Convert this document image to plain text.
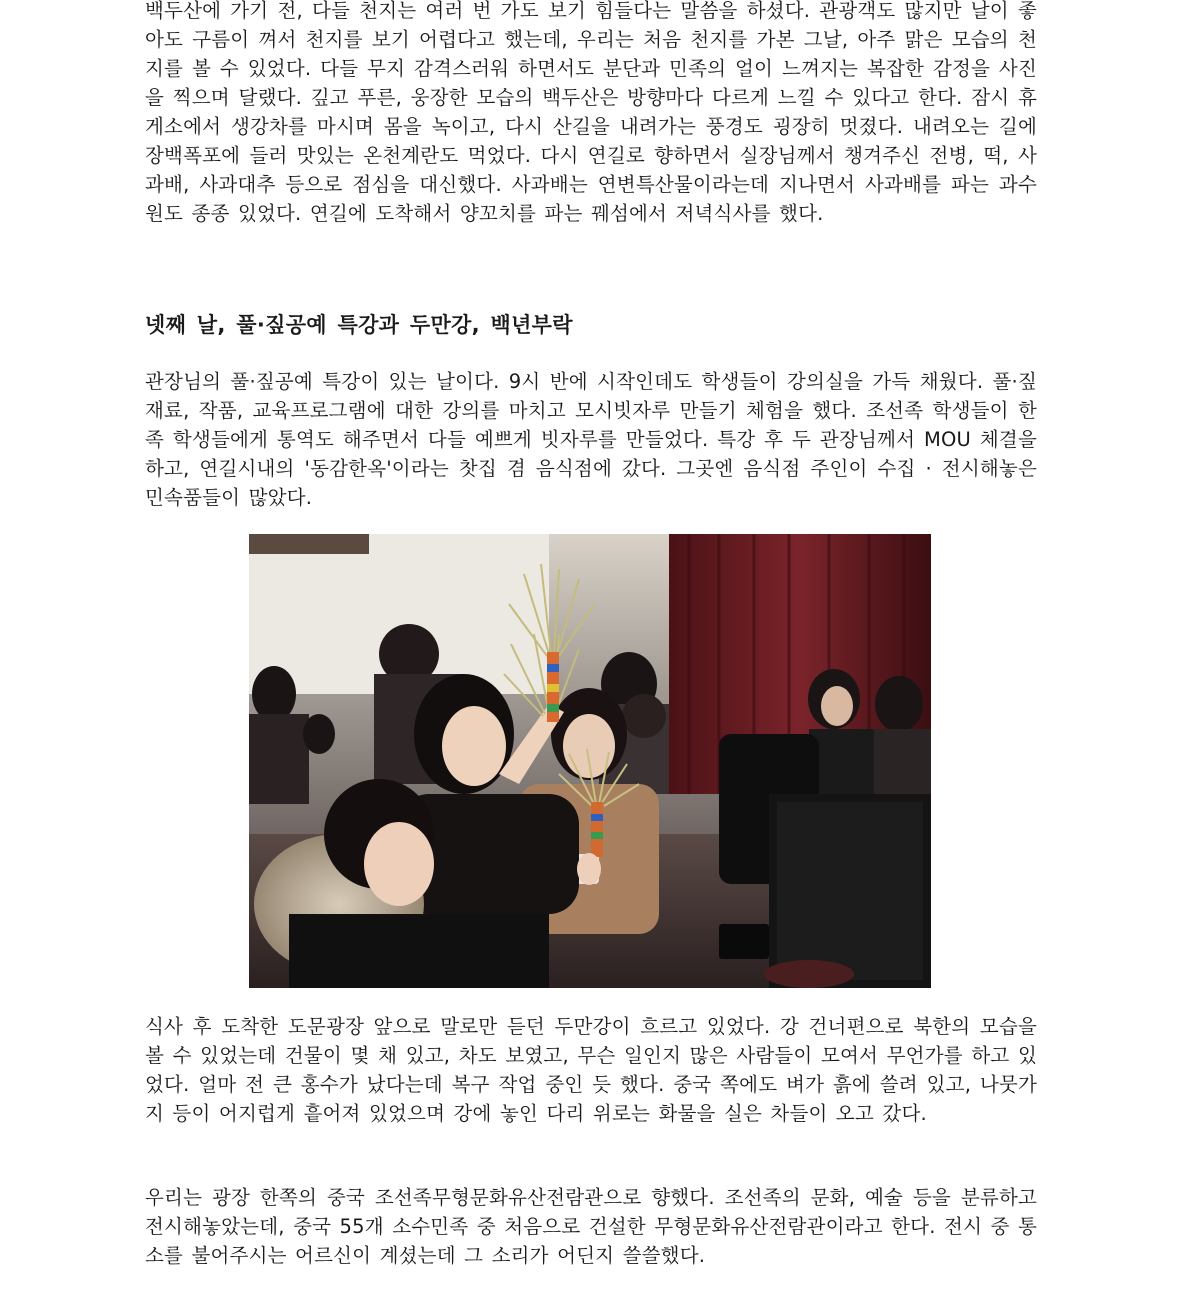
백두산에 가기 전, 다들 천지는 여러 번 가도 보기 힘들다는 말씀을 하셨다. 관광객도 많지만 날이 좋아도 구름이 껴서 천지를 보기 어렵다고 했는데, 우리는 처음 천지를 가본 그날, 아주 맑은 모습의 천지를 볼 수 있었다. 다들 무지 감격스러워 하면서도 분단과 민족의 얼이 느껴지는 복잡한 감정을 사진을 찍으며 달랬다. 깊고 푸른, 웅장한 모습의 백두산은 방향마다 다르게 느낄 수 있다고 한다. 잠시 휴게소에서 생강차를 마시며 몸을 녹이고, 다시 산길을 내려가는 풍경도 굉장히 멋졌다. 내려오는 길에 장백폭포에 들러 맛있는 온천계란도 먹었다. 다시 연길로 향하면서 실장님께서 챙겨주신 전병, 떡, 사과배, 사과대추 등으로 점심을 대신했다. 사과배는 연변특산물이라는데 지나면서 사과배를 파는 과수원도 종종 있었다. 연길에 도착해서 양꼬치를 파는 꿰섬에서 저녁식사를 했다.

넷째 날, 풀·짚공예 특강과 두만강, 백년부락

관장님의 풀·짚공예 특강이 있는 날이다. 9시 반에 시작인데도 학생들이 강의실을 가득 채웠다. 풀·짚 재료, 작품, 교육프로그램에 대한 강의를 마치고 모시빗자루 만들기 체험을 했다. 조선족 학생들이 한족 학생들에게 통역도 해주면서 다들 예쁘게 빗자루를 만들었다. 특강 후 두 관장님께서 MOU 체결을 하고, 연길시내의 '동감한옥'이라는 찻집 겸 음식점에 갔다. 그곳엔 음식점 주인이 수집 · 전시해놓은 민속품들이 많았다.

식사 후 도착한 도문광장 앞으로 말로만 듣던 두만강이 흐르고 있었다. 강 건너편으로 북한의 모습을 볼 수 있었는데 건물이 몇 채 있고, 차도 보였고, 무슨 일인지 많은 사람들이 모여서 무언가를 하고 있었다. 얼마 전 큰 홍수가 났다는데 복구 작업 중인 듯 했다. 중국 쪽에도 벼가 흙에 쓸려 있고, 나뭇가지 등이 어지럽게 흩어져 있었으며 강에 놓인 다리 위로는 화물을 실은 차들이 오고 갔다.

우리는 광장 한쪽의 중국 조선족무형문화유산전람관으로 향했다. 조선족의 문화, 예술 등을 분류하고 전시해놓았는데, 중국 55개 소수민족 중 처음으로 건설한 무형문화유산전람관이라고 한다. 전시 중 통소를 불어주시는 어르신이 계셨는데 그 소리가 어딘지 쓸쓸했다.
